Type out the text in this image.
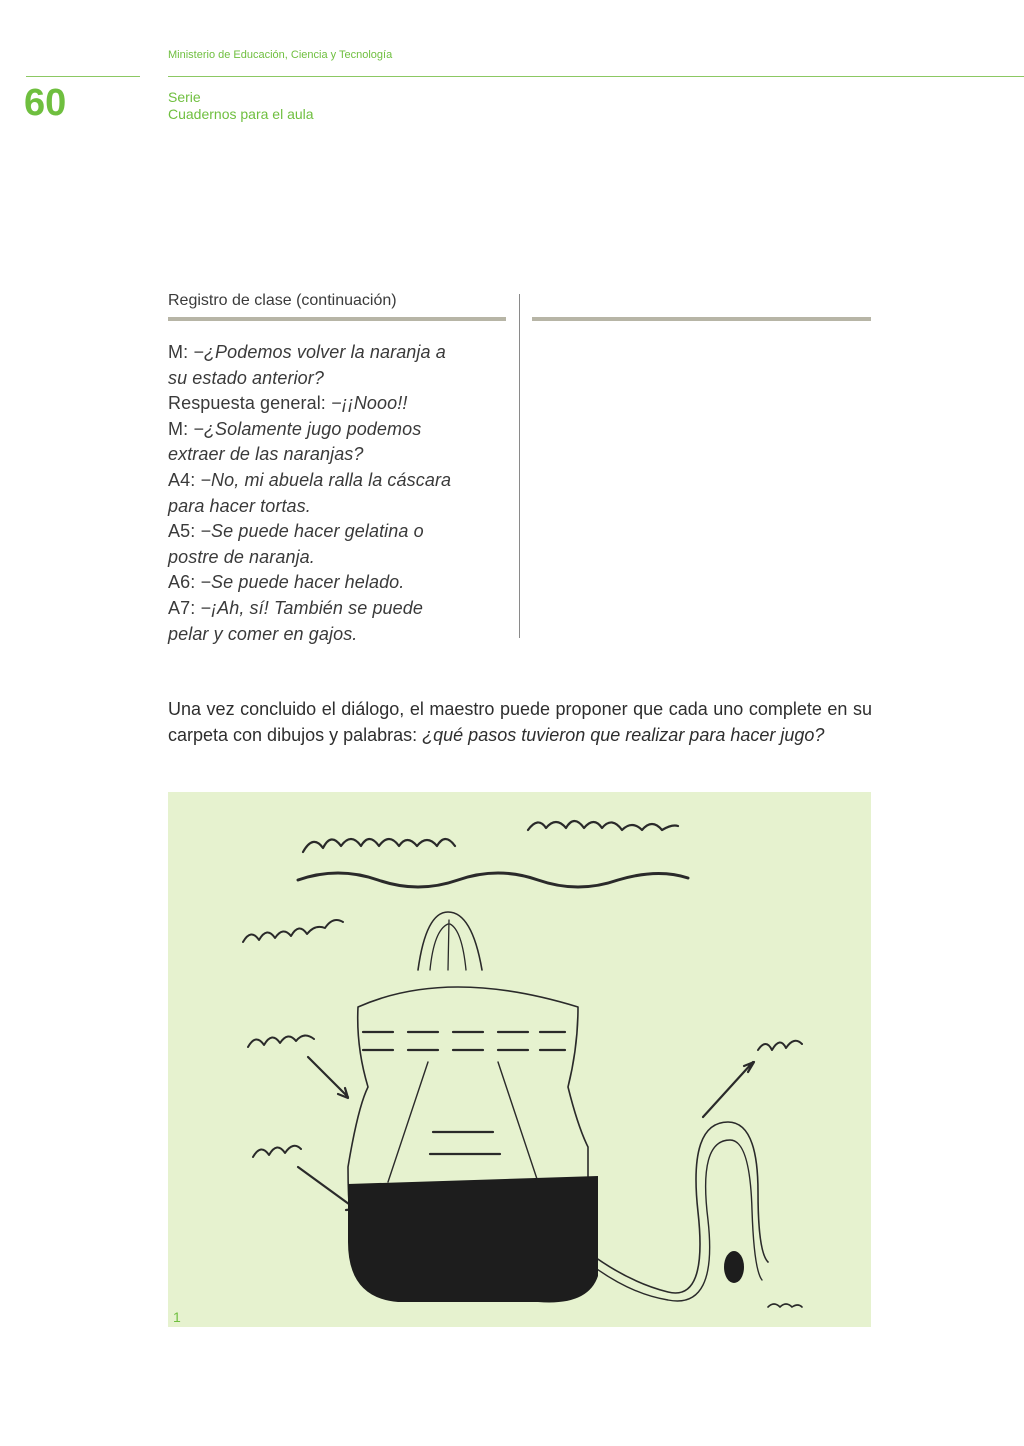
Ministerio de Educación, Ciencia y Tecnología
60	Serie
Cuadernos para el aula
Registro de clase (continuación)
M: −¿Podemos volver la naranja a
su estado anterior?
Respuesta general: −¡¡Nooo!!
M: −¿Solamente jugo podemos
extraer de las naranjas?
A4: −No, mi abuela ralla la cáscara
para hacer tortas.
A5: −Se puede hacer gelatina o
postre de naranja.
A6: −Se puede hacer helado.
A7: −¡Ah, sí! También se puede
pelar y comer en gajos.
Una vez concluido el diálogo, el maestro puede proponer que cada uno complete en su carpeta con dibujos y palabras: ¿qué pasos tuvieron que realizar para hacer jugo?
1
